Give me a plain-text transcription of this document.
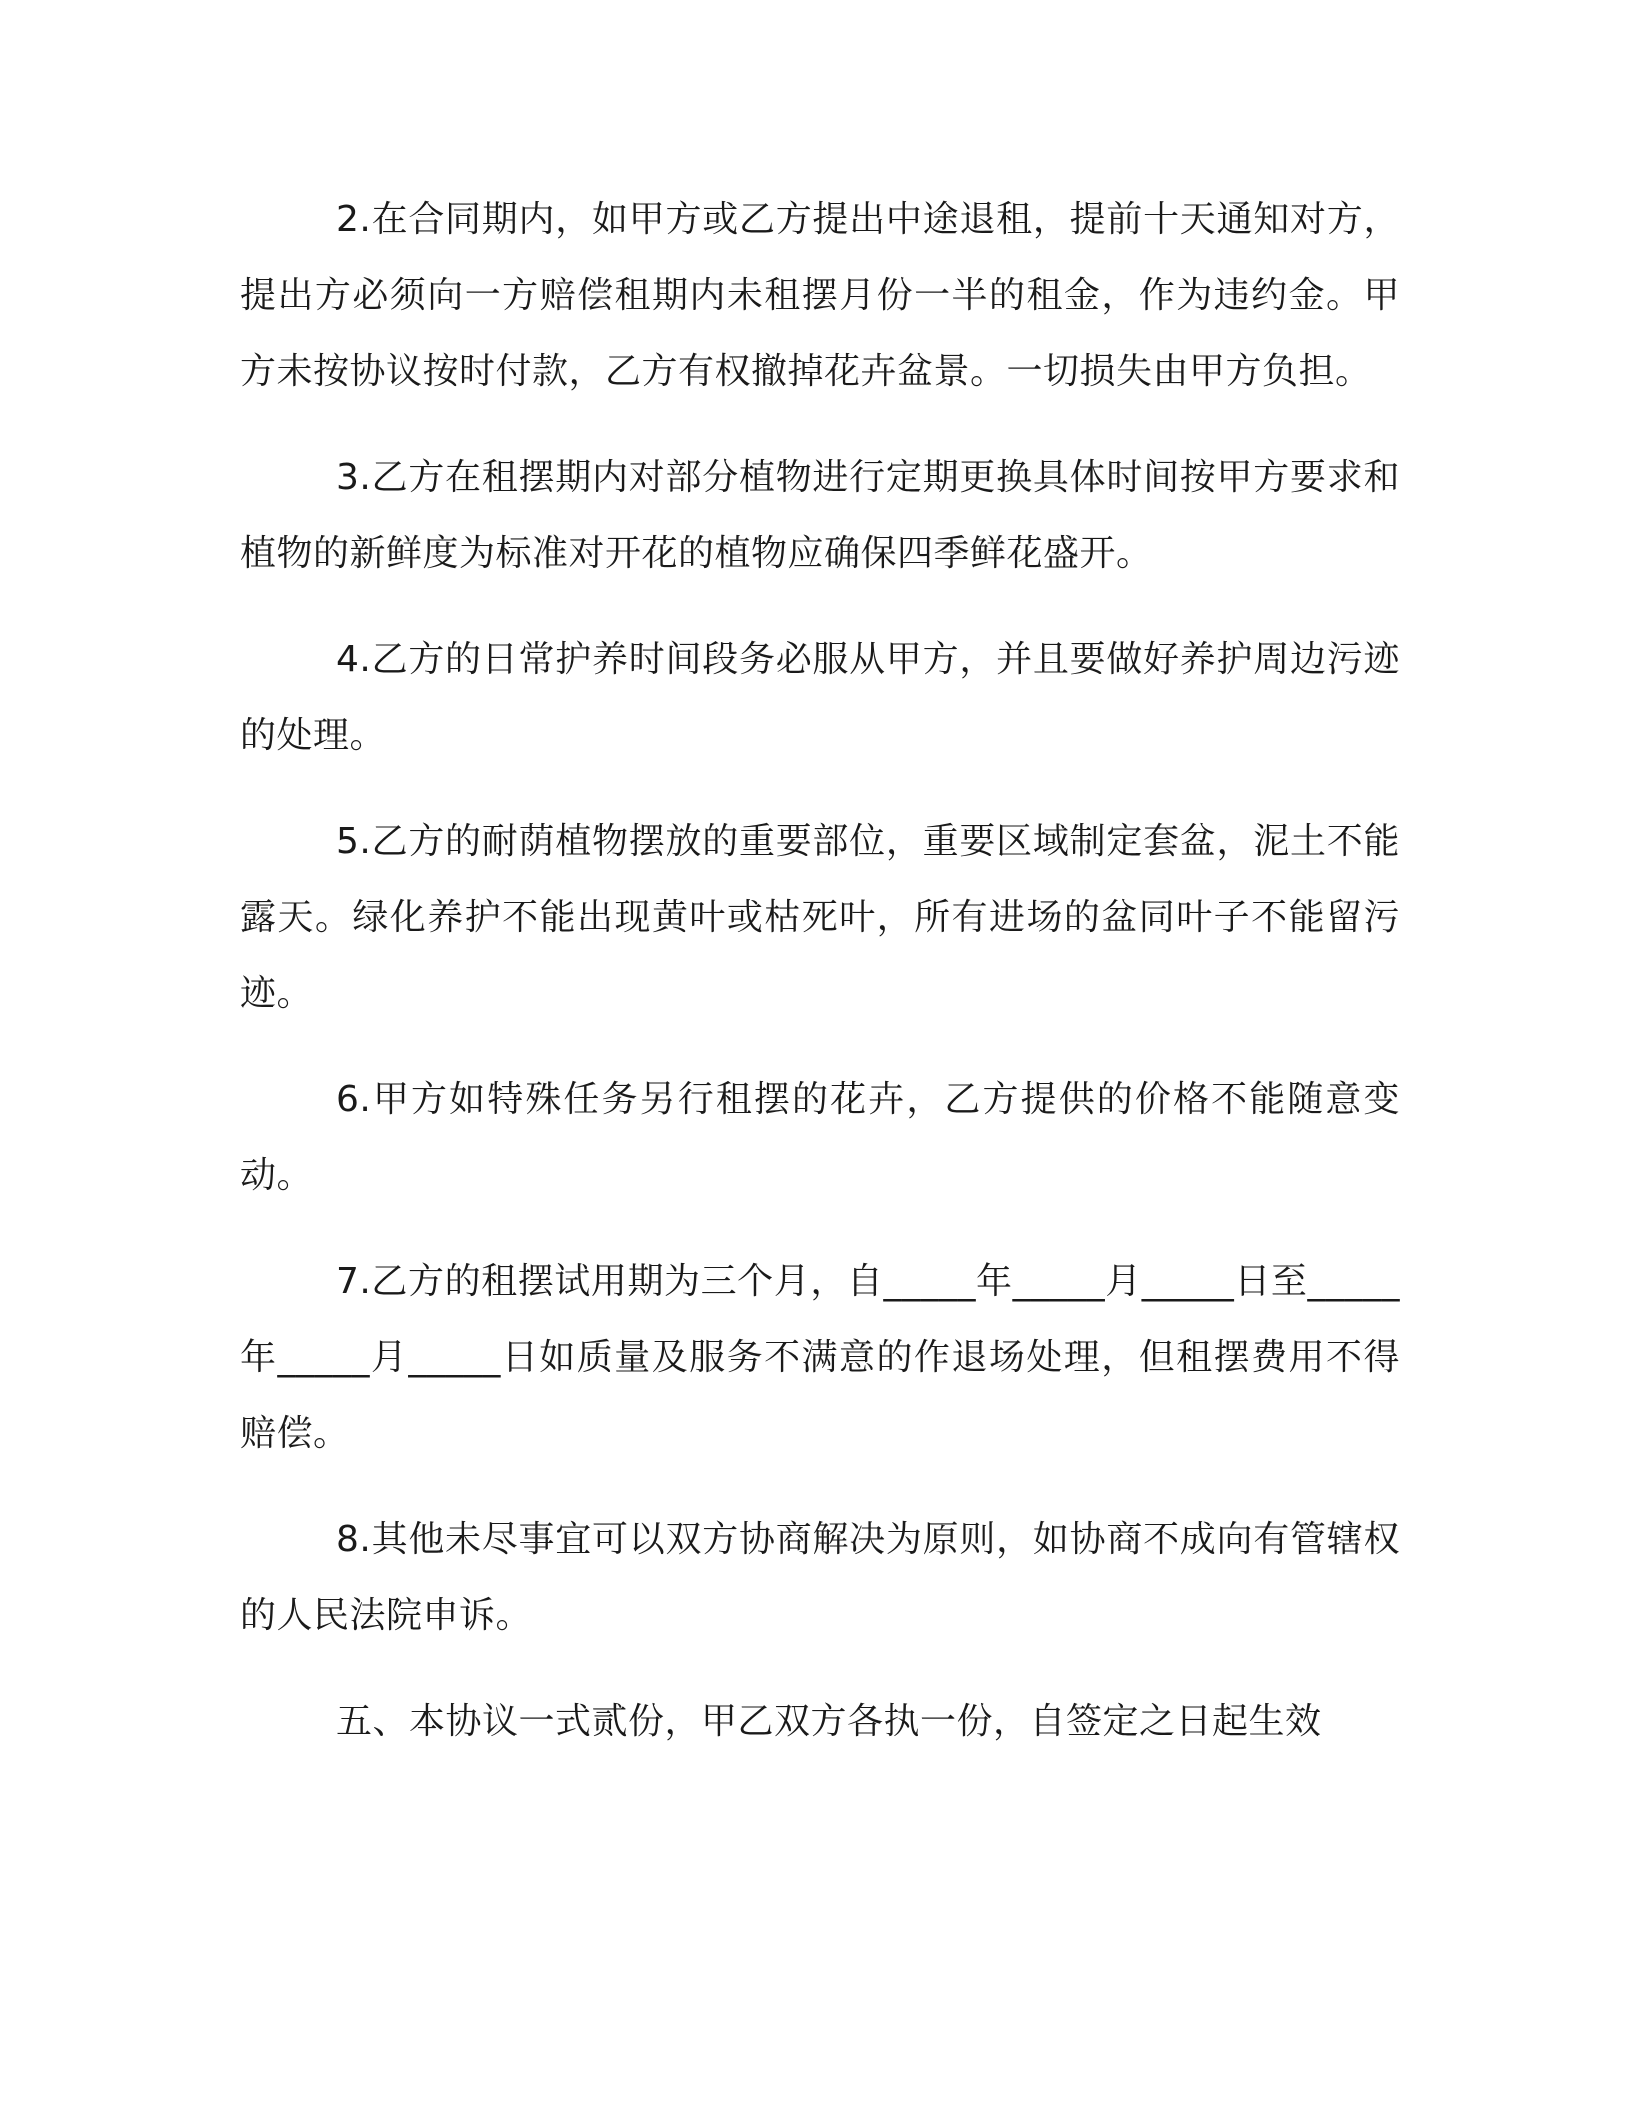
2.在合同期内，如甲方或乙方提出中途退租，提前十天通知对方，提出方必须向一方赔偿租期内未租摆月份一半的租金，作为违约金。甲方未按协议按时付款，乙方有权撤掉花卉盆景。一切损失由甲方负担。

3.乙方在租摆期内对部分植物进行定期更换具体时间按甲方要求和植物的新鲜度为标准对开花的植物应确保四季鲜花盛开。

4.乙方的日常护养时间段务必服从甲方，并且要做好养护周边污迹的处理。

5.乙方的耐荫植物摆放的重要部位，重要区域制定套盆，泥土不能露天。绿化养护不能出现黄叶或枯死叶，所有进场的盆同叶子不能留污迹。

6.甲方如特殊任务另行租摆的花卉，乙方提供的价格不能随意变动。

7.乙方的租摆试用期为三个月，自_____年_____月_____日至_____年_____月_____日如质量及服务不满意的作退场处理，但租摆费用不得赔偿。

8.其他未尽事宜可以双方协商解决为原则，如协商不成向有管辖权的人民法院申诉。

五、本协议一式贰份，甲乙双方各执一份，自签定之日起生效
